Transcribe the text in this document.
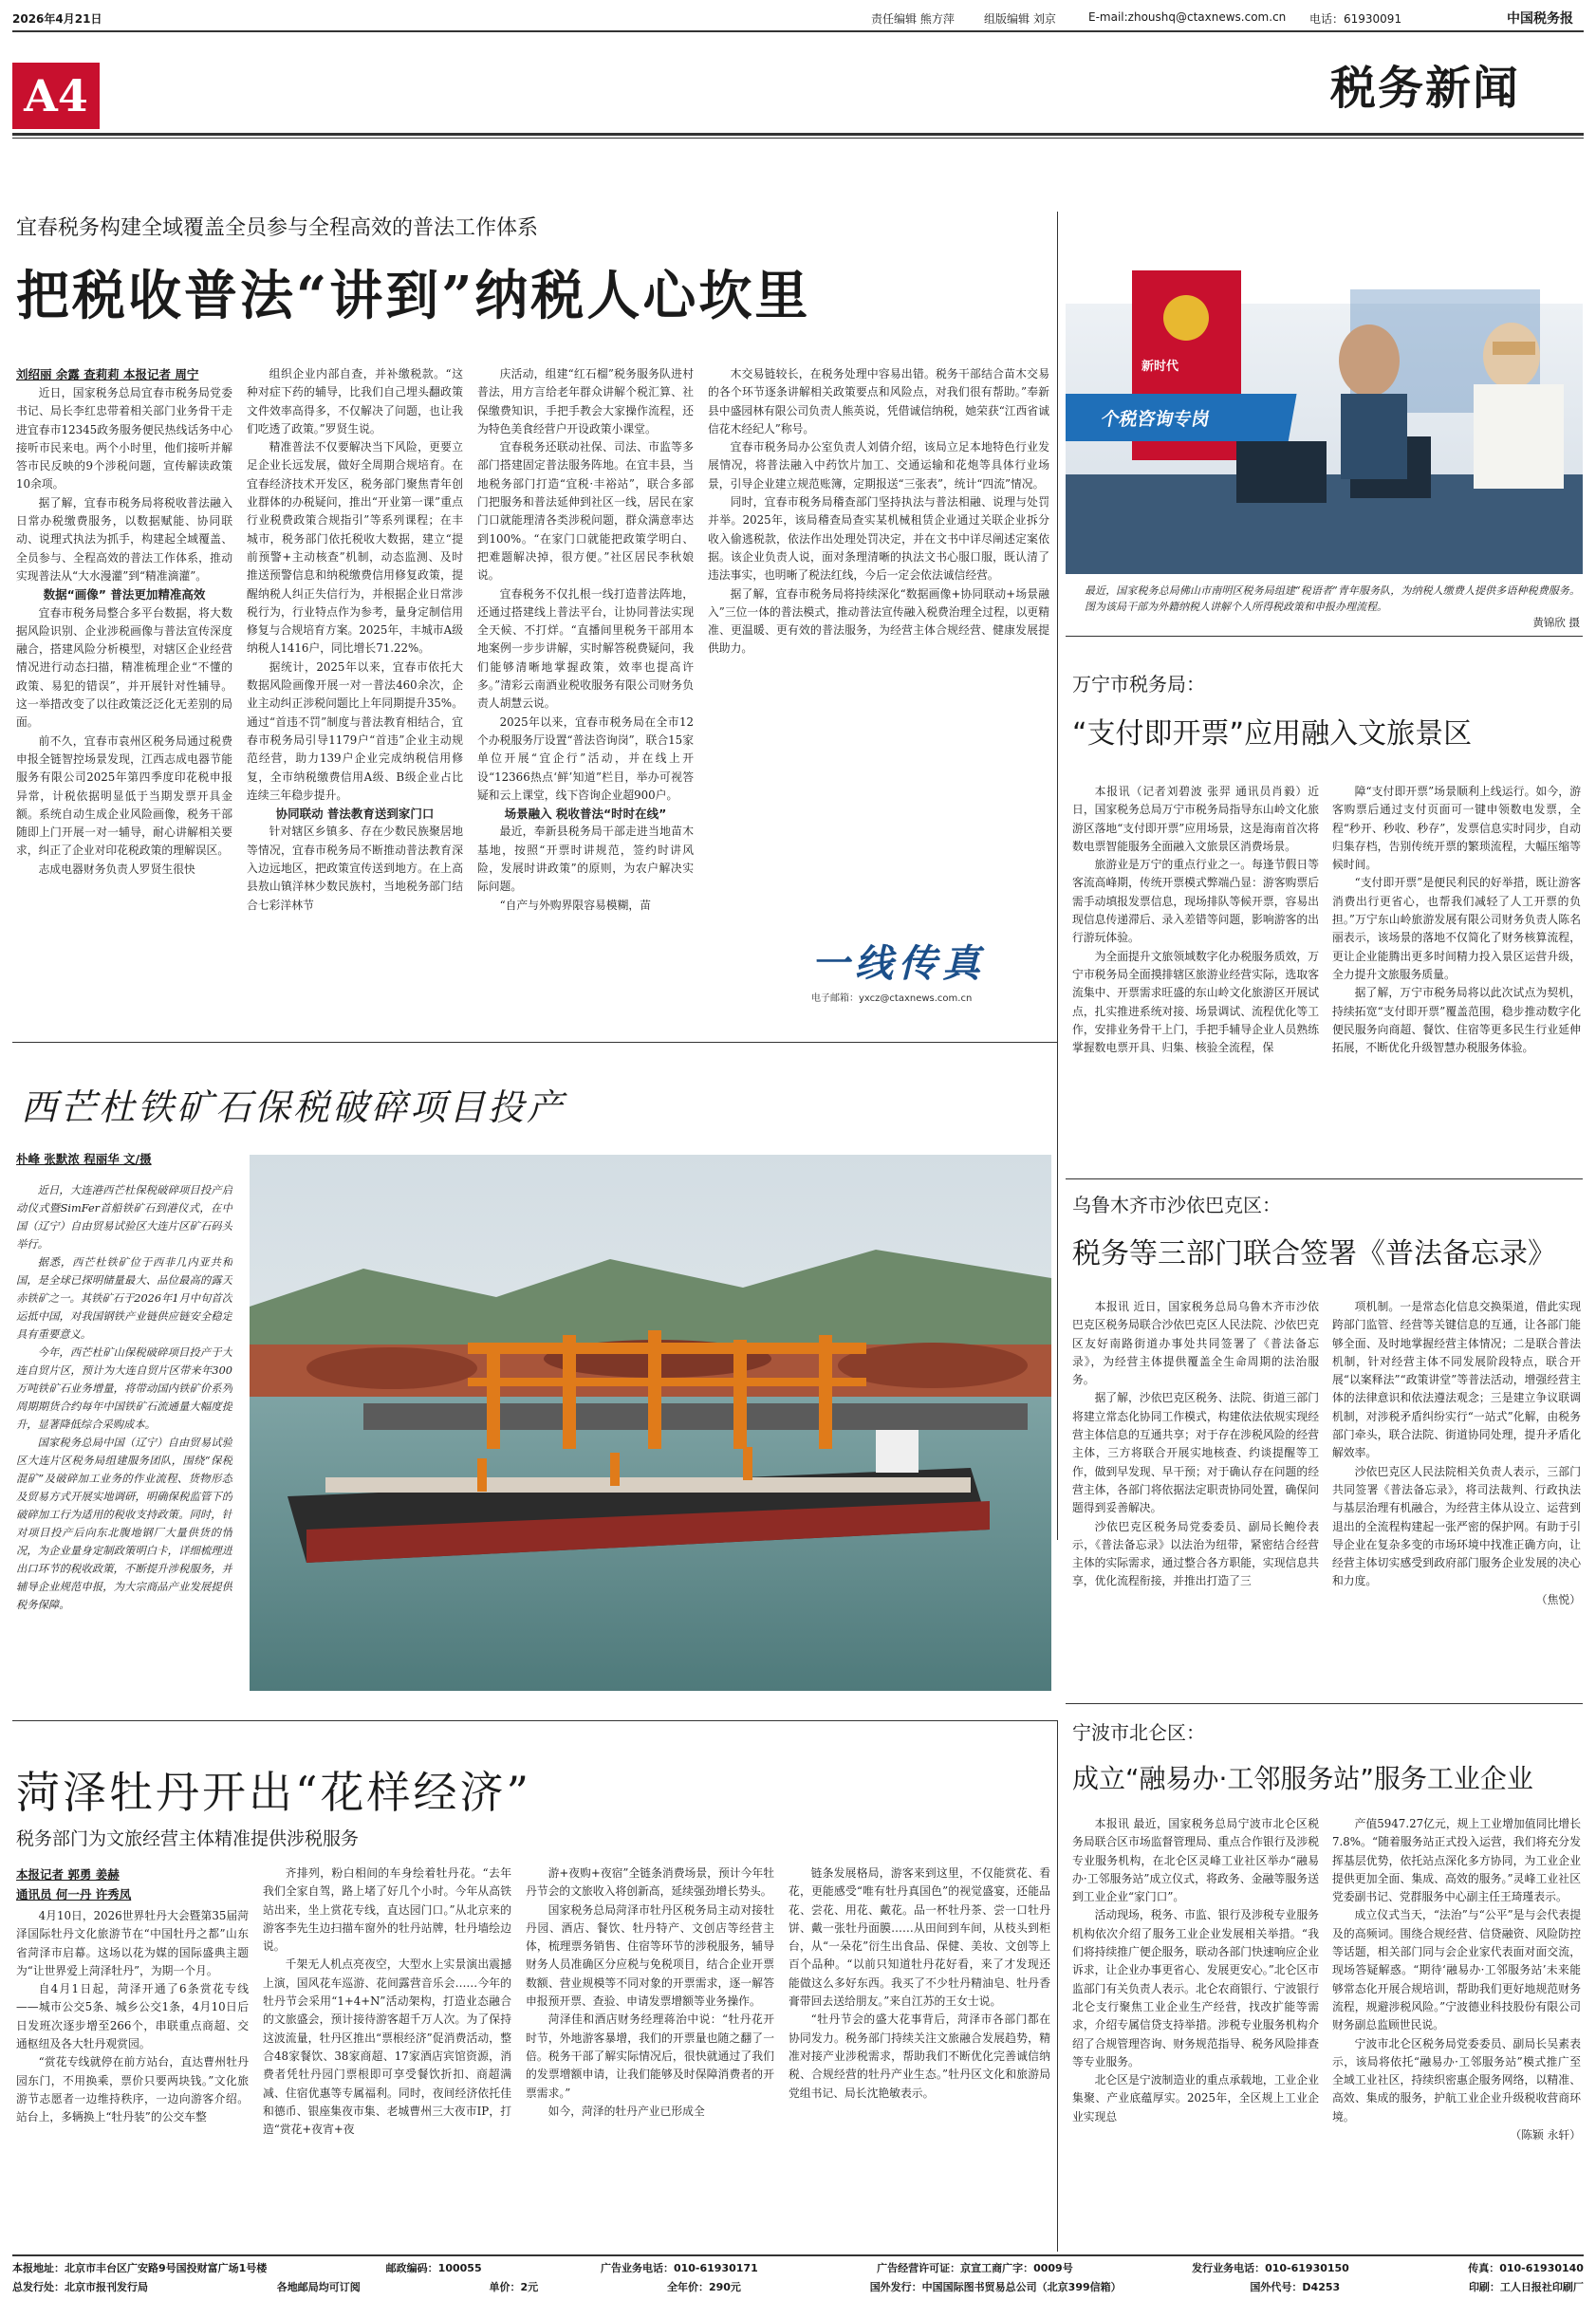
2026年4月21日	责任编辑 熊方萍	组版编辑 刘京	E-mail:zhoushq@ctaxnews.com.cn 电话：61930091	中国税务报
A4	税务新闻
宜春税务构建全域覆盖全员参与全程高效的普法工作体系
把税收普法“讲到”纳税人心坎里
刘绍丽 余露 查莉莉 本报记者 周宁

近日，国家税务总局宜春市税务局党委书记、局长李红忠带着相关部门业务骨干走进宜春市12345政务服务便民热线话务中心接听市民来电。两个小时里，他们接听并解答市民反映的9个涉税问题，宣传解读政策10余项。

据了解，宜春市税务局将税收普法融入日常办税缴费服务，以数据赋能、协同联动、说理式执法为抓手，构建起全域覆盖、全员参与、全程高效的普法工作体系，推动实现普法从“大水漫灌”到“精准滴灌”。

数据“画像” 普法更加精准高效

宜春市税务局整合多平台数据，将大数据风险识别、企业涉税画像与普法宣传深度融合，搭建风险分析模型，对辖区企业经营情况进行动态扫描，精准梳理企业“不懂的政策、易犯的错误”，并开展针对性辅导。这一举措改变了以往政策泛泛化无差别的局面。

前不久，宜春市袁州区税务局通过税费申报全链智控场景发现，江西志成电器节能服务有限公司2025年第四季度印花税申报异常，计税依据明显低于当期发票开具金额。系统自动生成企业风险画像，税务干部随即上门开展一对一辅导，耐心讲解相关要求，纠正了企业对印花税政策的理解误区。

志成电器财务负责人罗贤生很快

组织企业内部自查，并补缴税款。“这种对症下药的辅导，比我们自己埋头翻政策文件效率高得多，不仅解决了问题，也让我们吃透了政策。”罗贤生说。

精准普法不仅要解决当下风险，更要立足企业长远发展，做好全周期合规培育。在宜春经济技术开发区，税务部门聚焦青年创业群体的办税疑问，推出“开业第一课”重点行业税费政策合规指引”等系列课程；在丰城市，税务部门依托税收大数据，建立“提前预警+主动核查”机制，动态监测、及时推送预警信息和纳税缴费信用修复政策，提醒纳税人纠正失信行为，并根据企业日常涉税行为，行业特点作为参考，量身定制信用修复与合规培育方案。2025年，丰城市A级纳税人1416户，同比增长71.22%。

据统计，2025年以来，宜春市依托大数据风险画像开展一对一普法460余次，企业主动纠正涉税问题比上年同期提升35%。通过“首违不罚”制度与普法教育相结合，宜春市税务局引导1179户“首违”企业主动规范经营，助力139户企业完成纳税信用修复，全市纳税缴费信用A级、B级企业占比连续三年稳步提升。

协同联动 普法教育送到家门口

针对辖区乡镇多、存在少数民族聚居地等情况，宜春市税务局不断推动普法教育深入边远地区，把政策宣传送到地方。在上高县敖山镇洋林少数民族村，当地税务部门结合七彩洋林节

庆活动，组建“红石榴”税务服务队进村普法，用方言给老年群众讲解个税汇算、社保缴费知识，手把手教会大家操作流程，还为特色美食经营户开设政策小课堂。

宜春税务还联动社保、司法、市监等多部门搭建固定普法服务阵地。在宜丰县，当地税务部门打造“宜税·丰裕站”，联合多部门把服务和普法延伸到社区一线，居民在家门口就能理清各类涉税问题，群众满意率达到100%。“在家门口就能把政策学明白、把难题解决掉，很方便。”社区居民李秋娘说。

宜春税务不仅扎根一线打造普法阵地，还通过搭建线上普法平台，让协同普法实现全天候、不打烊。“直播间里税务干部用本地案例一步步讲解，实时解答税费疑问，我们能够清晰地掌握政策，效率也提高许多。”清彩云南酒业税收服务有限公司财务负责人胡慧云说。

2025年以来，宜春市税务局在全市12个办税服务厅设置“普法咨询岗”，联合15家单位开展“宜企行”活动，并在线上开设“12366热点‘鲜’知道”栏目，举办可视答疑和云上课堂，线下咨询企业超900户。

场景融入 税收普法“时时在线”

最近，奉新县税务局干部走进当地苗木基地，按照“开票时讲规范，签约时讲风险，发展时讲政策”的原则，为农户解决实际问题。

“自产与外购界限容易模糊，苗

木交易链较长，在税务处理中容易出错。税务干部结合苗木交易的各个环节逐条讲解相关政策要点和风险点，对我们很有帮助。”奉新县中盛园林有限公司负责人熊英说，凭借诚信纳税，她荣获“江西省诚信花木经纪人”称号。

宜春市税务局办公室负责人刘倩介绍，该局立足本地特色行业发展情况，将普法融入中药饮片加工、交通运输和花炮等具体行业场景，引导企业建立规范账簿，定期报送“三张表”，统计“四流”情况。

同时，宜春市税务局稽查部门坚持执法与普法相融、说理与处罚并举。2025年，该局稽查局查实某机械租赁企业通过关联企业拆分收入偷逃税款，依法作出处理处罚决定，并在文书中详尽阐述定案依据。该企业负责人说，面对条理清晰的执法文书心服口服，既认清了违法事实，也明晰了税法红线，今后一定会依法诚信经营。

据了解，宜春市税务局将持续深化“数据画像+协同联动+场景融入”三位一体的普法模式，推动普法宣传融入税费治理全过程，以更精准、更温暖、更有效的普法服务，为经营主体合规经营、健康发展提供助力。

一线传真
电子邮箱：yxcz@ctaxnews.com.cn
新时代
个税咨询专岗
最近，国家税务总局佛山市南明区税务局组建“税语者”青年服务队，为纳税人缴费人提供多语种税费服务。图为该局干部为外籍纳税人讲解个人所得税政策和申报办理流程。
黄锦欣 摄
万宁市税务局：
“支付即开票”应用融入文旅景区

本报讯（记者刘碧波 张羿 通讯员肖毅）近日，国家税务总局万宁市税务局指导东山岭文化旅游区落地“支付即开票”应用场景，这是海南首次将数电票智能服务全面融入文旅景区消费场景。

旅游业是万宁的重点行业之一。每逢节假日等客流高峰期，传统开票模式弊端凸显：游客购票后需手动填报发票信息，现场排队等候开票，容易出现信息传递滞后、录入差错等问题，影响游客的出行游玩体验。

为全面提升文旅领域数字化办税服务质效，万宁市税务局全面摸排辖区旅游业经营实际，选取客流集中、开票需求旺盛的东山岭文化旅游区开展试点，扎实推进系统对接、场景调试、流程优化等工作，安排业务骨干上门，手把手辅导企业人员熟练掌握数电票开具、归集、核验全流程，保

障“支付即开票”场景顺利上线运行。如今，游客购票后通过支付页面可一键申领数电发票，全程“秒开、秒收、秒存”，发票信息实时同步，自动归集存档，告别传统开票的繁琐流程，大幅压缩等候时间。

“支付即开票”是便民利民的好举措，既让游客消费出行更省心，也帮我们减轻了人工开票的负担。”万宁东山岭旅游发展有限公司财务负责人陈名丽表示，该场景的落地不仅简化了财务核算流程，更让企业能腾出更多时间精力投入景区运营升级，全力提升文旅服务质量。

据了解，万宁市税务局将以此次试点为契机，持续拓宽“支付即开票”覆盖范围，稳步推动数字化便民服务向商超、餐饮、住宿等更多民生行业延伸拓展，不断优化升级智慧办税服务体验。

乌鲁木齐市沙依巴克区：
税务等三部门联合签署《普法备忘录》

本报讯 近日，国家税务总局乌鲁木齐市沙依巴克区税务局联合沙依巴克区人民法院、沙依巴克区友好南路街道办事处共同签署了《普法备忘录》，为经营主体提供覆盖全生命周期的法治服务。

据了解，沙依巴克区税务、法院、街道三部门将建立常态化协同工作模式，构建依法依规实现经营主体信息的互通共享；对于存在涉税风险的经营主体，三方将联合开展实地核查、约谈提醒等工作，做到早发现、早干预；对于确认存在问题的经营主体，各部门将依据法定职责协同处置，确保问题得到妥善解决。

沙依巴克区税务局党委委员、副局长鲍伶表示，《普法备忘录》以法治为纽带，紧密结合经营主体的实际需求，通过整合各方职能，实现信息共享，优化流程衔接，并推出打造了三

项机制。一是常态化信息交换渠道，借此实现跨部门监管、经营等关键信息的互通，让各部门能够全面、及时地掌握经营主体情况；二是联合普法机制，针对经营主体不同发展阶段特点，联合开展“以案释法”“政策讲堂”等普法活动，增强经营主体的法律意识和依法遵法观念；三是建立争议联调机制，对涉税矛盾纠纷实行“一站式”化解，由税务部门牵头，联合法院、街道协同处理，提升矛盾化解效率。

沙依巴克区人民法院相关负责人表示，三部门共同签署《普法备忘录》，将司法裁判、行政执法与基层治理有机融合，为经营主体从设立、运营到退出的全流程构建起一张严密的保护网。有助于引导企业在复杂多变的市场环境中找准正确方向，让经营主体切实感受到政府部门服务企业发展的决心和力度。

（焦悦）

西芒杜铁矿石保税破碎项目投产
朴峰 张默浓 程丽华 文/摄

近日，大连港西芒杜保税破碎项目投产启动仪式暨SimFer首船铁矿石到港仪式，在中国（辽宁）自由贸易试验区大连片区矿石码头举行。

据悉，西芒杜铁矿位于西非几内亚共和国，是全球已探明储量最大、品位最高的露天赤铁矿之一。其铁矿石于2026年1月中旬首次运抵中国，对我国钢铁产业链供应链安全稳定具有重要意义。

今年，西芒杜矿山保税破碎项目投产于大连自贸片区，预计为大连自贸片区带来年300万吨铁矿石业务增量，将带动国内铁矿价系列周期期货合约每年中国铁矿石流通量大幅度提升，显著降低综合采购成本。

国家税务总局中国（辽宁）自由贸易试验区大连片区税务局组建服务团队，围绕“保税混矿”及破碎加工业务的作业流程、货物形态及贸易方式开展实地调研，明确保税监管下的破碎加工行为适用的税收支持政策。同时，针对项目投产后向东北腹地钢厂大量供货的情况，为企业量身定制政策明白卡，详细梳理进出口环节的税收政策，不断提升涉税服务，并辅导企业规范申报，为大宗商品产业发展提供税务保障。

菏泽牡丹开出“花样经济”
税务部门为文旅经营主体精准提供涉税服务
本报记者 郭勇 姜赫
通讯员 何一丹 许秀凤

4月10日，2026世界牡丹大会暨第35届菏泽国际牡丹文化旅游节在“中国牡丹之都”山东省菏泽市启幕。这场以花为媒的国际盛典主题为“让世界爱上菏泽牡丹”，为期一个月。

自4月1日起，菏泽开通了6条赏花专线——城市公交5条、城乡公交1条，4月10日后日发班次逐步增至266个，串联重点商超、交通枢纽及各大牡丹观赏园。

“赏花专线就停在前方站台，直达曹州牡丹园东门，不用换乘，票价只要两块钱。”文化旅游节志愿者一边维持秩序，一边向游客介绍。站台上，多辆换上“牡丹装”的公交车整

齐排列，粉白相间的车身绘着牡丹花。“去年我们全家自驾，路上堵了好几个小时。今年从高铁站出来，坐上赏花专线，直达园门口。”从北京来的游客李先生边扫描车窗外的牡丹站牌，牡丹墙绘边说。

千架无人机点亮夜空，大型水上实景演出震撼上演，国风花车巡游、花间露营音乐会……今年的牡丹节会采用“1+4+N”活动架构，打造业态融合的文旅盛会，预计接待游客超千万人次。为了保持这波流量，牡丹区推出“票根经济”促消费活动，整合48家餐饮、38家商超、17家酒店宾馆资源，消费者凭牡丹园门票根即可享受餐饮折扣、商超满减、住宿优惠等专属福利。同时，夜间经济依托佳和德币、银座集夜市集、老城曹州三大夜市IP，打造“赏花+夜宵+夜

游+夜购+夜宿”全链条消费场景，预计今年牡丹节会的文旅收入将创新高，延续强劲增长势头。

国家税务总局菏泽市牡丹区税务局主动对接牡丹园、酒店、餐饮、牡丹特产、文创店等经营主体，梳理票务销售、住宿等环节的涉税服务，辅导财务人员准确区分应税与免税项目，结合企业开票数额、营业规模等不同对象的开票需求，逐一解答申报预开票、查验、申请发票增额等业务操作。

菏泽佳和酒店财务经理蒋治中说：“牡丹花开时节，外地游客暴增，我们的开票量也随之翻了一倍。税务干部了解实际情况后，很快就通过了我们的发票增额申请，让我们能够及时保障消费者的开票需求。”

如今，菏泽的牡丹产业已形成全

链条发展格局，游客来到这里，不仅能赏花、看花，更能感受“唯有牡丹真国色”的视觉盛宴，还能品花、尝花、用花、戴花。品一杯牡丹茶、尝一口牡丹饼、戴一张牡丹面膜……从田间到车间，从枝头到柜台，从“一朵花”衍生出食品、保健、美妆、文创等上百个品种。“以前只知道牡丹花好看，来了才发现还能做这么多好东西。我买了不少牡丹精油皂、牡丹香膏带回去送给朋友。”来自江苏的王女士说。

“牡丹节会的盛大花事背后，菏泽市各部门都在协同发力。税务部门持续关注文旅融合发展趋势，精准对接产业涉税需求，帮助我们不断优化完善诚信纳税、合规经营的牡丹产业生态。”牡丹区文化和旅游局党组书记、局长沈艳敏表示。

宁波市北仑区：
成立“融易办·工邻服务站”服务工业企业

本报讯 最近，国家税务总局宁波市北仑区税务局联合区市场监督管理局、重点合作银行及涉税专业服务机构，在北仑区灵峰工业社区举办“融易办·工邻服务站”成立仪式，将政务、金融等服务送到工业企业“家门口”。

活动现场，税务、市监、银行及涉税专业服务机构依次介绍了服务工业企业发展相关举措。“我们将持续推广便企服务，联动各部门快速响应企业诉求，让企业办事更省心、发展更安心。”北仑区市监部门有关负责人表示。北仑农商银行、宁波银行北仑支行聚焦工业企业生产经营，找改扩能等需求，介绍专属信贷支持举措。涉税专业服务机构介绍了合规管理咨询、财务规范指导、税务风险排查等专业服务。

北仑区是宁波制造业的重点承载地，工业企业集聚、产业底蕴厚实。2025年，全区规上工业企业实现总

产值5947.27亿元，规上工业增加值同比增长7.8%。“随着服务站正式投入运营，我们将充分发挥基层优势，依托站点深化多方协同，为工业企业提供更加全面、集成、高效的服务。”灵峰工业社区党委副书记、党群服务中心副主任王琦瑾表示。

成立仪式当天，“法治”与“公平”是与会代表提及的高频词。围绕合规经营、信贷融资、风险防控等话题，相关部门同与会企业家代表面对面交流，现场答疑解惑。“期待‘融易办·工邻服务站’未来能够常态化开展合规培训，帮助我们更好地规范财务流程，规避涉税风险。”宁波德业科技股份有限公司财务副总监顾世民说。

宁波市北仑区税务局党委委员、副局长吴素表示，该局将依托“融易办·工邻服务站”模式推广至全域工业社区，持续织密惠企服务网络，以精准、高效、集成的服务，护航工业企业升级税收营商环境。

（陈颖 永轩）

本报地址：北京市丰台区广安路9号国投财富广场1号楼	邮政编码：100055	广告业务电话：010-61930171	广告经营许可证：京宣工商广字：0009号	发行业务电话：010-61930150	传真：010-61930140
总发行处：北京市报刊发行局	各地邮局均可订阅	单价：2元	全年价：290元	国外发行：中国国际图书贸易总公司（北京399信箱）	国外代号：D4253	印刷：工人日报社印刷厂
